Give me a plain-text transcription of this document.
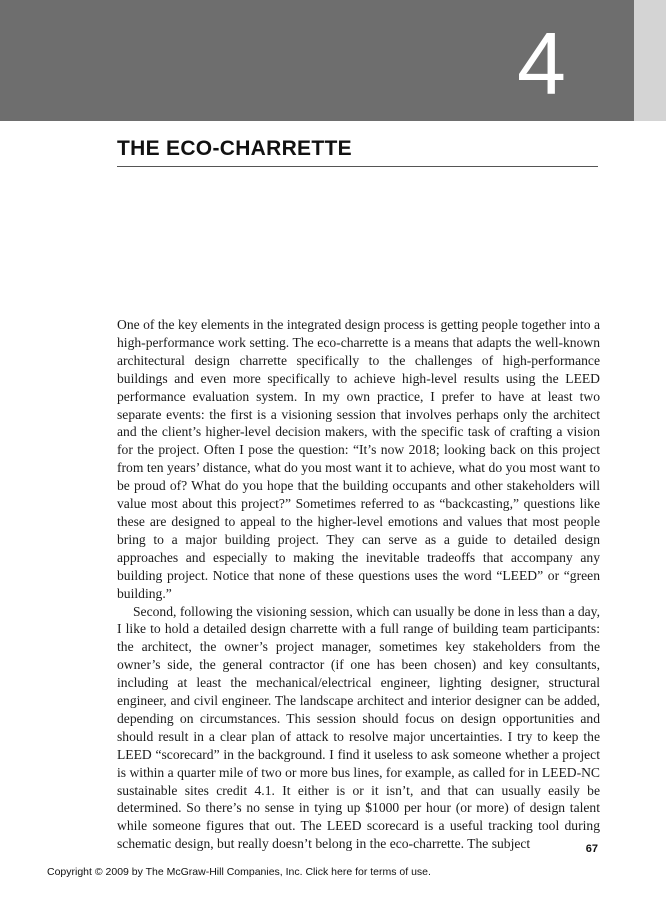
4
THE ECO-CHARRETTE

One of the key elements in the integrated design process is getting people together into a high-performance work setting. The eco-charrette is a means that adapts the well-known architectural design charrette specifically to the challenges of high-performance buildings and even more specifically to achieve high-level results using the LEED performance evaluation system. In my own practice, I prefer to have at least two separate events: the first is a visioning session that involves perhaps only the architect and the client’s higher-level decision makers, with the specific task of crafting a vision for the project. Often I pose the question: “It’s now 2018; looking back on this project from ten years’ distance, what do you most want it to achieve, what do you most want to be proud of? What do you hope that the building occupants and other stakeholders will value most about this project?” Sometimes referred to as “backcasting,” questions like these are designed to appeal to the higher-level emotions and values that most people bring to a major building project. They can serve as a guide to detailed design approaches and especially to making the inevitable tradeoffs that accompany any building project. Notice that none of these questions uses the word “LEED” or “green building.”

Second, following the visioning session, which can usually be done in less than a day, I like to hold a detailed design charrette with a full range of building team participants: the architect, the owner’s project manager, sometimes key stakeholders from the owner’s side, the general contractor (if one has been chosen) and key consultants, including at least the mechanical/electrical engineer, lighting designer, structural engineer, and civil engineer. The landscape architect and interior designer can be added, depending on circumstances. This session should focus on design opportunities and should result in a clear plan of attack to resolve major uncertainties. I try to keep the LEED “scorecard” in the background. I find it useless to ask someone whether a project is within a quarter mile of two or more bus lines, for example, as called for in LEED-NC sustainable sites credit 4.1. It either is or it isn’t, and that can usually easily be determined. So there’s no sense in tying up $1000 per hour (or more) of design talent while someone figures that out. The LEED scorecard is a useful tracking tool during schematic design, but really doesn’t belong in the eco-charrette. The subject	67
Copyright © 2009 by The McGraw-Hill Companies, Inc. Click here for terms of use.
